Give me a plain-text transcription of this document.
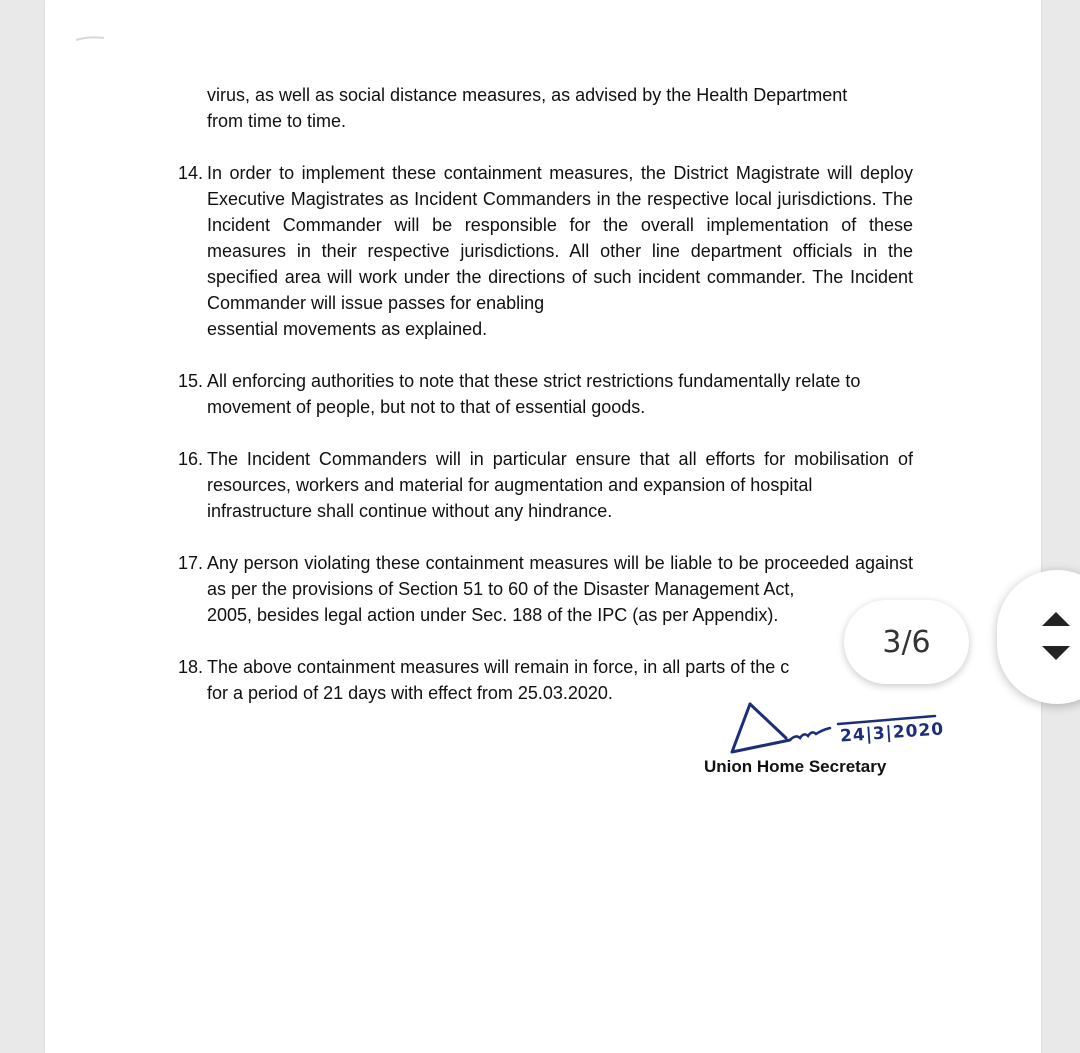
virus, as well as social distance measures, as advised by the Health Department
from time to time.
14. In order to implement these containment measures, the District Magistrate will deploy Executive Magistrates as Incident Commanders in the respective local jurisdictions. The Incident Commander will be responsible for the overall implementation of these measures in their respective jurisdictions. All other line department officials in the specified area will work under the directions of such incident commander. The Incident Commander will issue passes for enabling
essential movements as explained.
15. All enforcing authorities to note that these strict restrictions fundamentally relate to
movement of people, but not to that of essential goods.
16. The Incident Commanders will in particular ensure that all efforts for mobilisation of resources, workers and material for augmentation and expansion of hospital
infrastructure shall continue without any hindrance.
17. Any person violating these containment measures will be liable to be proceeded against as per the provisions of Section 51 to 60 of the Disaster Management Act,
2005, besides legal action under Sec. 188 of the IPC (as per Appendix).
18. The above containment measures will remain in force, in all parts of the c
for a period of 21 days with effect from 25.03.2020.
24|3|2020
Union Home Secretary
3/6
